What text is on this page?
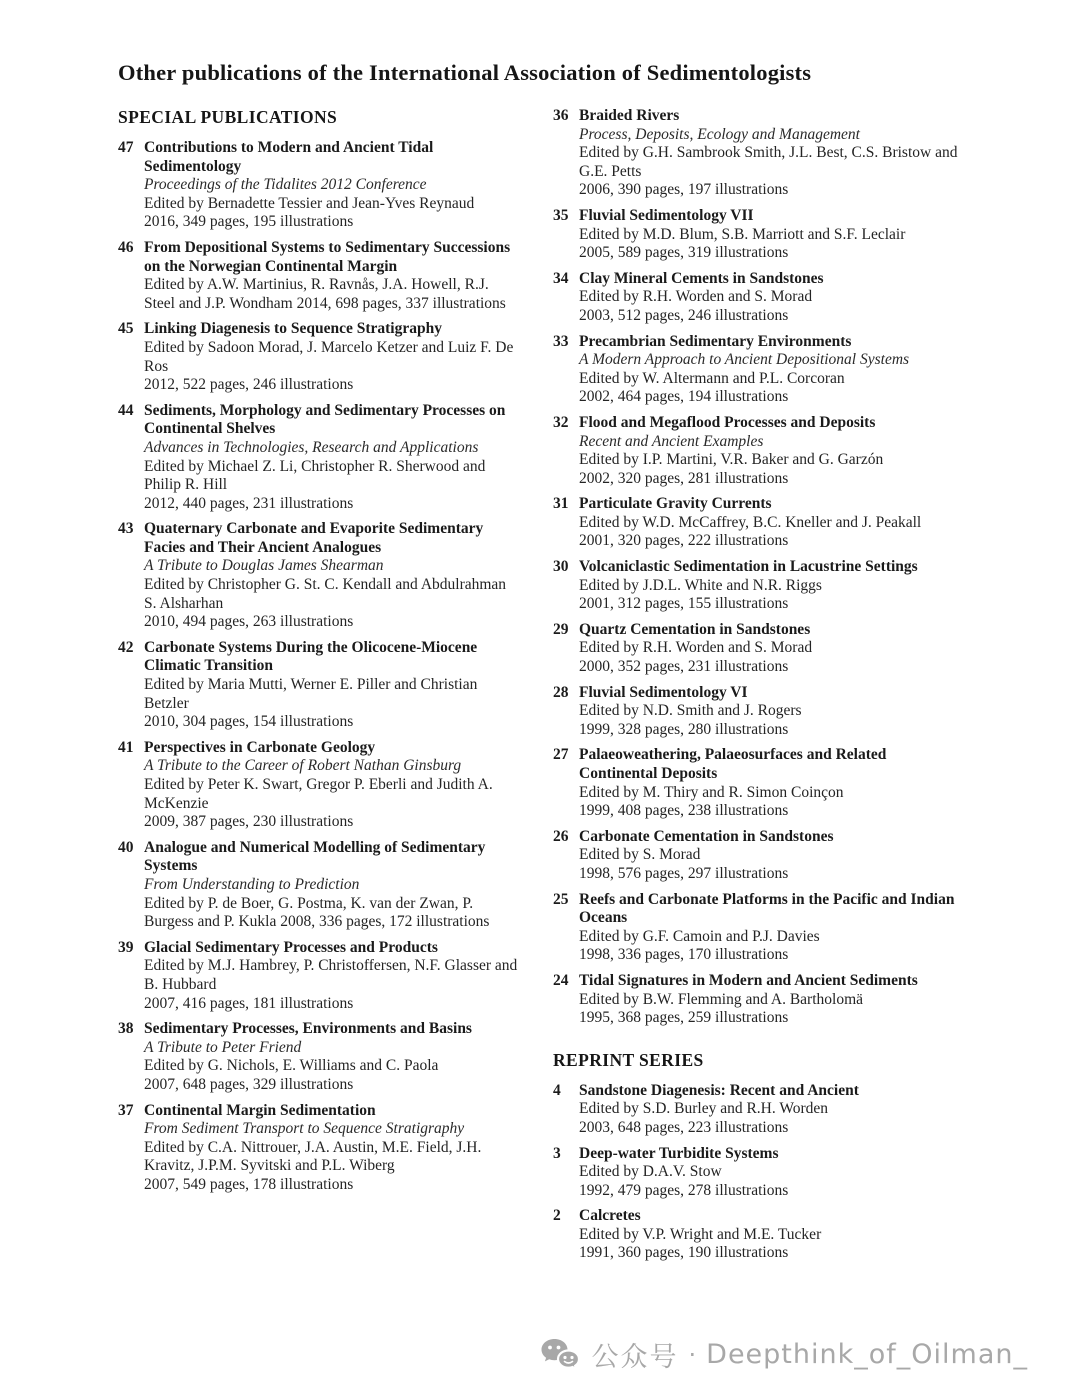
Other publications of the International Association of Sedimentologists
SPECIAL PUBLICATIONS
47 Contributions to Modern and Ancient Tidal Sedimentology
Proceedings of the Tidalites 2012 Conference
Edited by Bernadette Tessier and Jean-Yves Reynaud
2016, 349 pages, 195 illustrations
46 From Depositional Systems to Sedimentary Successions on the Norwegian Continental Margin
Edited by A.W. Martinius, R. Ravnås, J.A. Howell, R.J. Steel and J.P. Wondham 2014, 698 pages, 337 illustrations
45 Linking Diagenesis to Sequence Stratigraphy
Edited by Sadoon Morad, J. Marcelo Ketzer and Luiz F. De Ros
2012, 522 pages, 246 illustrations
44 Sediments, Morphology and Sedimentary Processes on Continental Shelves
Advances in Technologies, Research and Applications
Edited by Michael Z. Li, Christopher R. Sherwood and Philip R. Hill
2012, 440 pages, 231 illustrations
43 Quaternary Carbonate and Evaporite Sedimentary Facies and Their Ancient Analogues
A Tribute to Douglas James Shearman
Edited by Christopher G. St. C. Kendall and Abdulrahman S. Alsharhan
2010, 494 pages, 263 illustrations
42 Carbonate Systems During the Olicocene-Miocene Climatic Transition
Edited by Maria Mutti, Werner E. Piller and Christian Betzler
2010, 304 pages, 154 illustrations
41 Perspectives in Carbonate Geology
A Tribute to the Career of Robert Nathan Ginsburg
Edited by Peter K. Swart, Gregor P. Eberli and Judith A. McKenzie
2009, 387 pages, 230 illustrations
40 Analogue and Numerical Modelling of Sedimentary Systems
From Understanding to Prediction
Edited by P. de Boer, G. Postma, K. van der Zwan, P. Burgess and P. Kukla 2008, 336 pages, 172 illustrations
39 Glacial Sedimentary Processes and Products
Edited by M.J. Hambrey, P. Christoffersen, N.F. Glasser and B. Hubbard
2007, 416 pages, 181 illustrations
38 Sedimentary Processes, Environments and Basins
A Tribute to Peter Friend
Edited by G. Nichols, E. Williams and C. Paola
2007, 648 pages, 329 illustrations
37 Continental Margin Sedimentation
From Sediment Transport to Sequence Stratigraphy
Edited by C.A. Nittrouer, J.A. Austin, M.E. Field, J.H. Kravitz, J.P.M. Syvitski and P.L. Wiberg
2007, 549 pages, 178 illustrations
36 Braided Rivers
Process, Deposits, Ecology and Management
Edited by G.H. Sambrook Smith, J.L. Best, C.S. Bristow and G.E. Petts
2006, 390 pages, 197 illustrations
35 Fluvial Sedimentology VII
Edited by M.D. Blum, S.B. Marriott and S.F. Leclair
2005, 589 pages, 319 illustrations
34 Clay Mineral Cements in Sandstones
Edited by R.H. Worden and S. Morad
2003, 512 pages, 246 illustrations
33 Precambrian Sedimentary Environments
A Modern Approach to Ancient Depositional Systems
Edited by W. Altermann and P.L. Corcoran
2002, 464 pages, 194 illustrations
32 Flood and Megaflood Processes and Deposits
Recent and Ancient Examples
Edited by I.P. Martini, V.R. Baker and G. Garzón
2002, 320 pages, 281 illustrations
31 Particulate Gravity Currents
Edited by W.D. McCaffrey, B.C. Kneller and J. Peakall
2001, 320 pages, 222 illustrations
30 Volcaniclastic Sedimentation in Lacustrine Settings
Edited by J.D.L. White and N.R. Riggs
2001, 312 pages, 155 illustrations
29 Quartz Cementation in Sandstones
Edited by R.H. Worden and S. Morad
2000, 352 pages, 231 illustrations
28 Fluvial Sedimentology VI
Edited by N.D. Smith and J. Rogers
1999, 328 pages, 280 illustrations
27 Palaeoweathering, Palaeosurfaces and Related Continental Deposits
Edited by M. Thiry and R. Simon Coinçon
1999, 408 pages, 238 illustrations
26 Carbonate Cementation in Sandstones
Edited by S. Morad
1998, 576 pages, 297 illustrations
25 Reefs and Carbonate Platforms in the Pacific and Indian Oceans
Edited by G.F. Camoin and P.J. Davies
1998, 336 pages, 170 illustrations
24 Tidal Signatures in Modern and Ancient Sediments
Edited by B.W. Flemming and A. Bartholomä
1995, 368 pages, 259 illustrations
REPRINT SERIES
4	Sandstone Diagenesis: Recent and Ancient
Edited by S.D. Burley and R.H. Worden
2003, 648 pages, 223 illustrations
3	Deep-water Turbidite Systems
Edited by D.A.V. Stow
1992, 479 pages, 278 illustrations
2	Calcretes
Edited by V.P. Wright and M.E. Tucker
1991, 360 pages, 190 illustrations
公众号 · Deepthink_of_Oilman_
